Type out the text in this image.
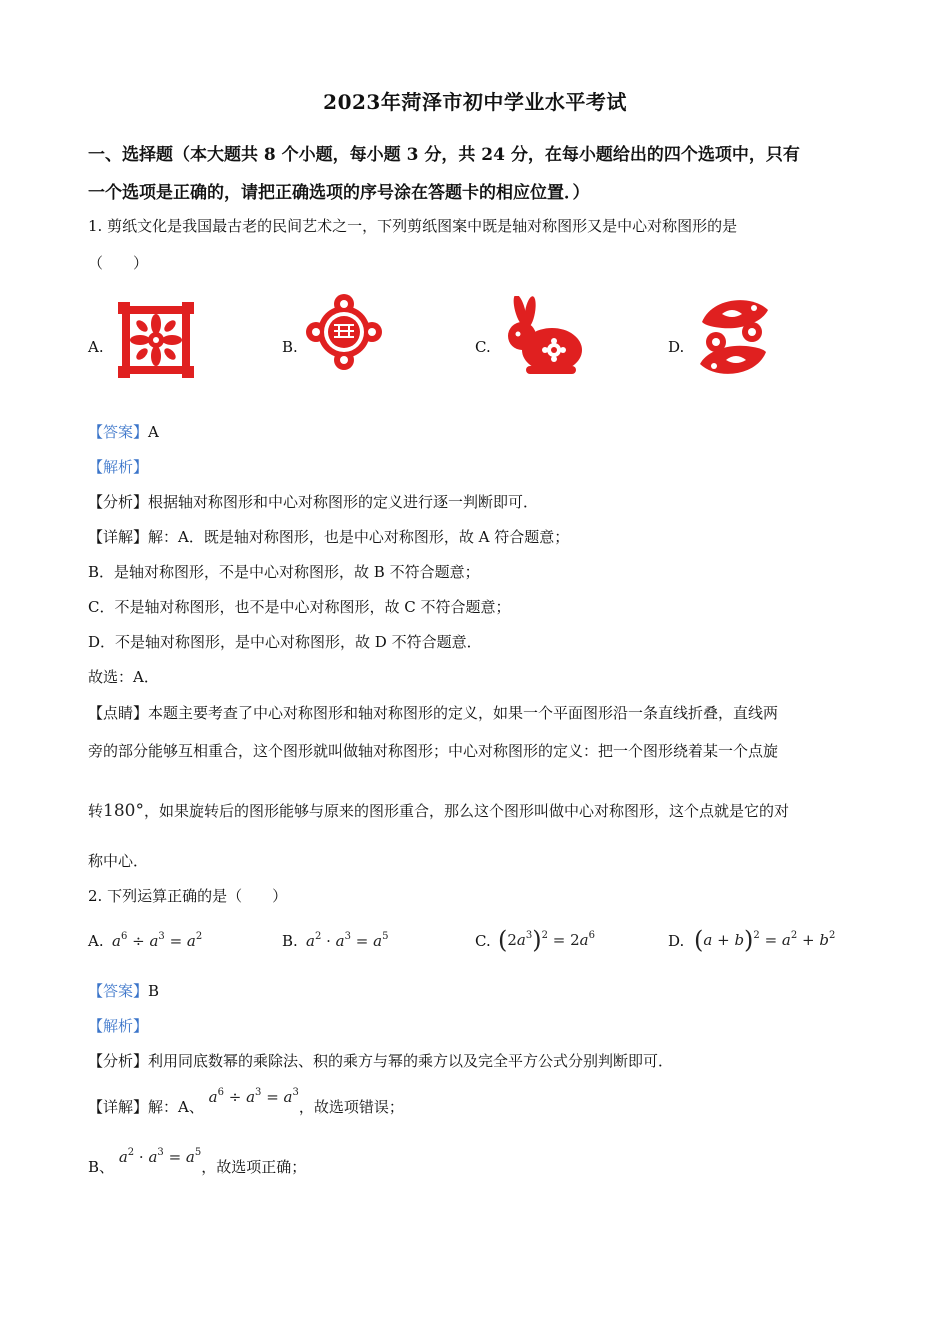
2023年菏泽市初中学业水平考试
一、选择题（本大题共 8 个小题，每小题 3 分，共 24 分，在每小题给出的四个选项中，只有
一个选项是正确的，请把正确选项的序号涂在答题卡的相应位置．）
1. 剪纸文化是我国最古老的民间艺术之一，下列剪纸图案中既是轴对称图形又是中心对称图形的是
（　　）
A.	B.	C.	D.
【答案】A
【解析】
【分析】根据轴对称图形和中心对称图形的定义进行逐一判断即可．
【详解】解：A．既是轴对称图形，也是中心对称图形，故 A 符合题意；
B．是轴对称图形，不是中心对称图形，故 B 不符合题意；
C．不是轴对称图形，也不是中心对称图形，故 C 不符合题意；
D．不是轴对称图形，是中心对称图形，故 D 不符合题意．
故选：A．
【点睛】本题主要考查了中心对称图形和轴对称图形的定义，如果一个平面图形沿一条直线折叠，直线两
旁的部分能够互相重合，这个图形就叫做轴对称图形；中心对称图形的定义：把一个图形绕着某一个点旋
转180°，如果旋转后的图形能够与原来的图形重合，那么这个图形叫做中心对称图形，这个点就是它的对
称中心．
2. 下列运算正确的是（　　）
A. $a^6 \div a^3 = a^2$	B. $a^2 \cdot a^3 = a^5$	C. $(2a^3)^2 = 2a^6$	D. $(a + b)^2 = a^2 + b^2$
【答案】B
【解析】
【分析】利用同底数幂的乘除法、积的乘方与幂的乘方以及完全平方公式分别判断即可．
【详解】解：A、 $a^6 \div a^3 = a^3$，故选项错误；
B、 $a^2 \cdot a^3 = a^5$，故选项正确；
